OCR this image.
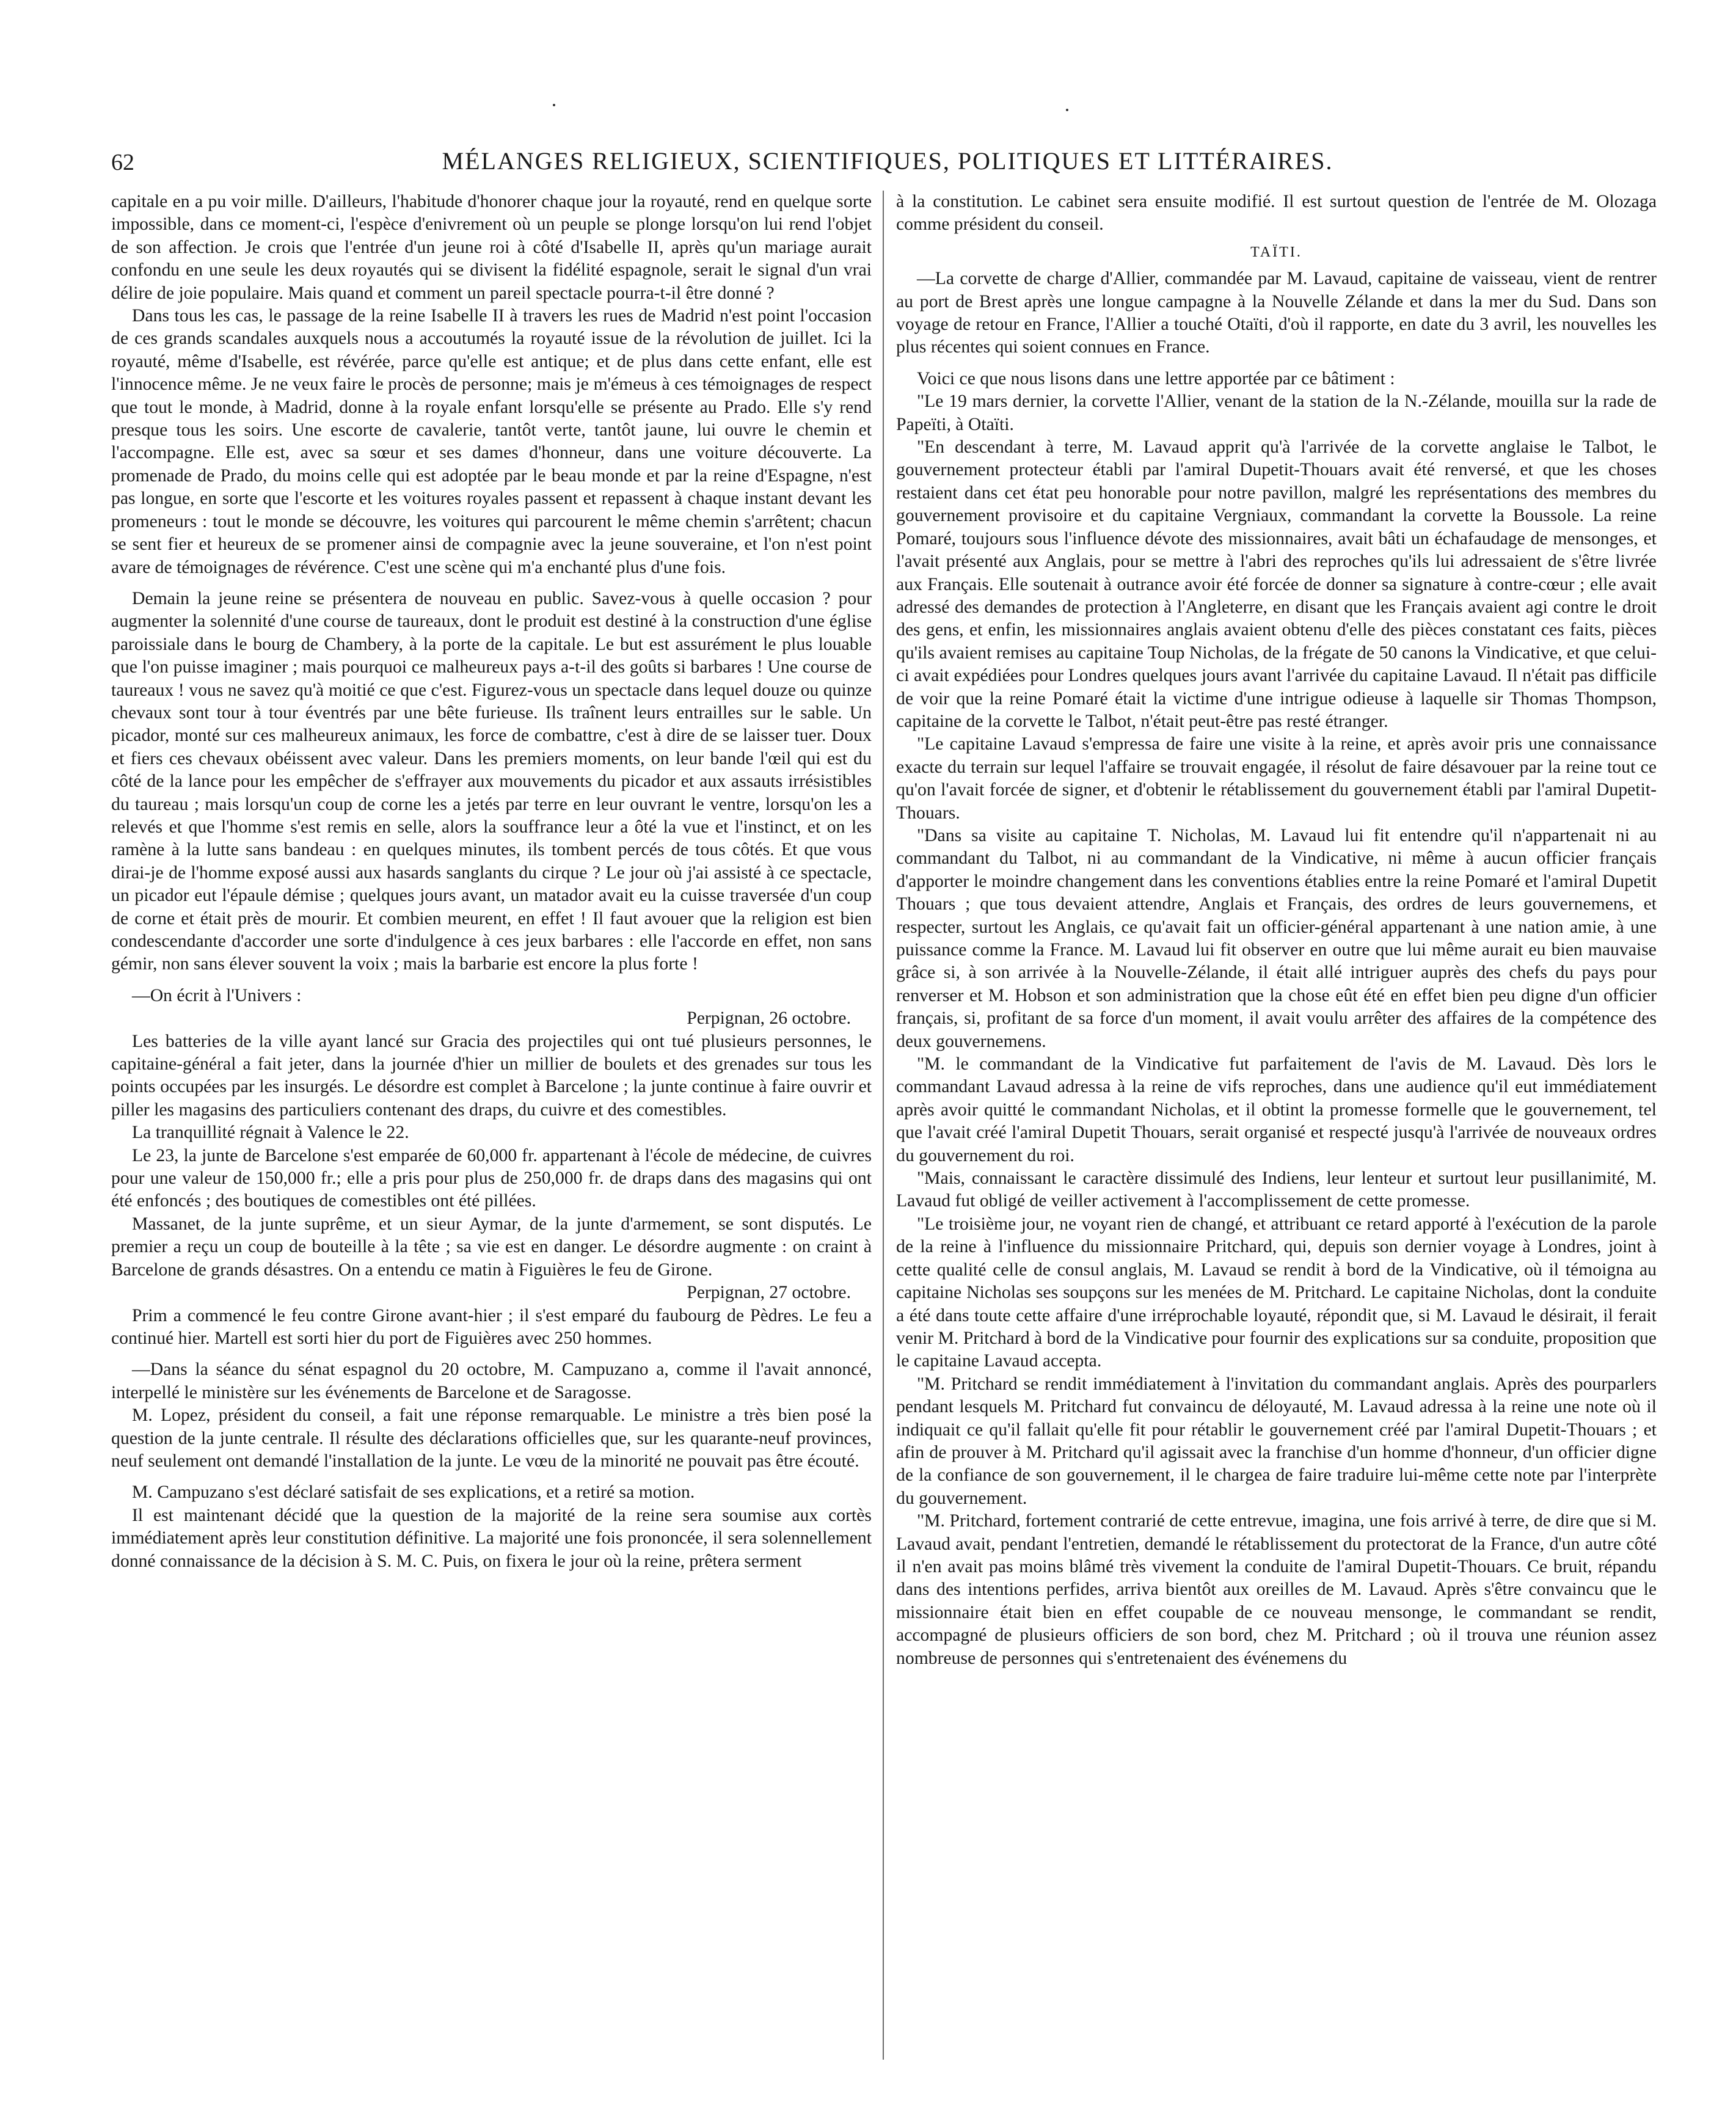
62	MÉLANGES RELIGIEUX, SCIENTIFIQUES, POLITIQUES ET LITTÉRAIRES.

capitale en a pu voir mille. D'ailleurs, l'habitude d'honorer chaque jour la royauté, rend en quelque sorte impossible, dans ce moment-ci, l'espèce d'enivrement où un peuple se plonge lorsqu'on lui rend l'objet de son affection. Je crois que l'entrée d'un jeune roi à côté d'Isabelle II, après qu'un mariage aurait confondu en une seule les deux royautés qui se divisent la fidélité espagnole, serait le signal d'un vrai délire de joie populaire. Mais quand et comment un pareil spectacle pourra-t-il être donné ?

Dans tous les cas, le passage de la reine Isabelle II à travers les rues de Madrid n'est point l'occasion de ces grands scandales auxquels nous a accoutumés la royauté issue de la révolution de juillet. Ici la royauté, même d'Isabelle, est révérée, parce qu'elle est antique; et de plus dans cette enfant, elle est l'innocence même. Je ne veux faire le procès de personne; mais je m'émeus à ces témoignages de respect que tout le monde, à Madrid, donne à la royale enfant lorsqu'elle se présente au Prado. Elle s'y rend presque tous les soirs. Une escorte de cavalerie, tantôt verte, tantôt jaune, lui ouvre le chemin et l'accompagne. Elle est, avec sa sœur et ses dames d'honneur, dans une voiture découverte. La promenade de Prado, du moins celle qui est adoptée par le beau monde et par la reine d'Espagne, n'est pas longue, en sorte que l'escorte et les voitures royales passent et repassent à chaque instant devant les promeneurs : tout le monde se découvre, les voitures qui parcourent le même chemin s'arrêtent; chacun se sent fier et heureux de se promener ainsi de compagnie avec la jeune souveraine, et l'on n'est point avare de témoignages de révérence. C'est une scène qui m'a enchanté plus d'une fois.

Demain la jeune reine se présentera de nouveau en public. Savez-vous à quelle occasion ? pour augmenter la solennité d'une course de taureaux, dont le produit est destiné à la construction d'une église paroissiale dans le bourg de Chambery, à la porte de la capitale. Le but est assurément le plus louable que l'on puisse imaginer ; mais pourquoi ce malheureux pays a-t-il des goûts si barbares ! Une course de taureaux ! vous ne savez qu'à moitié ce que c'est. Figurez-vous un spectacle dans lequel douze ou quinze chevaux sont tour à tour éventrés par une bête furieuse. Ils traînent leurs entrailles sur le sable. Un picador, monté sur ces malheureux animaux, les force de combattre, c'est à dire de se laisser tuer. Doux et fiers ces chevaux obéissent avec valeur. Dans les premiers moments, on leur bande l'œil qui est du côté de la lance pour les empêcher de s'effrayer aux mouvements du picador et aux assauts irrésistibles du taureau ; mais lorsqu'un coup de corne les a jetés par terre en leur ouvrant le ventre, lorsqu'on les a relevés et que l'homme s'est remis en selle, alors la souffrance leur a ôté la vue et l'instinct, et on les ramène à la lutte sans bandeau : en quelques minutes, ils tombent percés de tous côtés. Et que vous dirai-je de l'homme exposé aussi aux hasards sanglants du cirque ? Le jour où j'ai assisté à ce spectacle, un picador eut l'épaule démise ; quelques jours avant, un matador avait eu la cuisse traversée d'un coup de corne et était près de mourir. Et combien meurent, en effet ! Il faut avouer que la religion est bien condescendante d'accorder une sorte d'indulgence à ces jeux barbares : elle l'accorde en effet, non sans gémir, non sans élever souvent la voix ; mais la barbarie est encore la plus forte !

—On écrit à l'Univers :

Perpignan, 26 octobre.

Les batteries de la ville ayant lancé sur Gracia des projectiles qui ont tué plusieurs personnes, le capitaine-général a fait jeter, dans la journée d'hier un millier de boulets et des grenades sur tous les points occupées par les insurgés. Le désordre est complet à Barcelone ; la junte continue à faire ouvrir et piller les magasins des particuliers contenant des draps, du cuivre et des comestibles.

La tranquillité régnait à Valence le 22.

Le 23, la junte de Barcelone s'est emparée de 60,000 fr. appartenant à l'école de médecine, de cuivres pour une valeur de 150,000 fr.; elle a pris pour plus de 250,000 fr. de draps dans des magasins qui ont été enfoncés ; des boutiques de comestibles ont été pillées.

Massanet, de la junte suprême, et un sieur Aymar, de la junte d'armement, se sont disputés. Le premier a reçu un coup de bouteille à la tête ; sa vie est en danger. Le désordre augmente : on craint à Barcelone de grands désastres. On a entendu ce matin à Figuières le feu de Girone.

Perpignan, 27 octobre.

Prim a commencé le feu contre Girone avant-hier ; il s'est emparé du faubourg de Pèdres. Le feu a continué hier. Martell est sorti hier du port de Figuières avec 250 hommes.

—Dans la séance du sénat espagnol du 20 octobre, M. Campuzano a, comme il l'avait annoncé, interpellé le ministère sur les événements de Barcelone et de Saragosse.

M. Lopez, président du conseil, a fait une réponse remarquable. Le ministre a très bien posé la question de la junte centrale. Il résulte des déclarations officielles que, sur les quarante-neuf provinces, neuf seulement ont demandé l'installation de la junte. Le vœu de la minorité ne pouvait pas être écouté.

M. Campuzano s'est déclaré satisfait de ses explications, et a retiré sa motion.

Il est maintenant décidé que la question de la majorité de la reine sera soumise aux cortès immédiatement après leur constitution définitive. La majorité une fois prononcée, il sera solennellement donné connaissance de la décision à S. M. C. Puis, on fixera le jour où la reine, prêtera serment

à la constitution. Le cabinet sera ensuite modifié. Il est surtout question de l'entrée de M. Olozaga comme président du conseil.

TAÏTI.

—La corvette de charge d'Allier, commandée par M. Lavaud, capitaine de vaisseau, vient de rentrer au port de Brest après une longue campagne à la Nouvelle Zélande et dans la mer du Sud. Dans son voyage de retour en France, l'Allier a touché Otaïti, d'où il rapporte, en date du 3 avril, les nouvelles les plus récentes qui soient connues en France.

Voici ce que nous lisons dans une lettre apportée par ce bâtiment :

"Le 19 mars dernier, la corvette l'Allier, venant de la station de la N.-Zélande, mouilla sur la rade de Papeïti, à Otaïti.

"En descendant à terre, M. Lavaud apprit qu'à l'arrivée de la corvette anglaise le Talbot, le gouvernement protecteur établi par l'amiral Dupetit-Thouars avait été renversé, et que les choses restaient dans cet état peu honorable pour notre pavillon, malgré les représentations des membres du gouvernement provisoire et du capitaine Vergniaux, commandant la corvette la Boussole. La reine Pomaré, toujours sous l'influence dévote des missionnaires, avait bâti un échafaudage de mensonges, et l'avait présenté aux Anglais, pour se mettre à l'abri des reproches qu'ils lui adressaient de s'être livrée aux Français. Elle soutenait à outrance avoir été forcée de donner sa signature à contre-cœur ; elle avait adressé des demandes de protection à l'Angleterre, en disant que les Français avaient agi contre le droit des gens, et enfin, les missionnaires anglais avaient obtenu d'elle des pièces constatant ces faits, pièces qu'ils avaient remises au capitaine Toup Nicholas, de la frégate de 50 canons la Vindicative, et que celui-ci avait expédiées pour Londres quelques jours avant l'arrivée du capitaine Lavaud. Il n'était pas difficile de voir que la reine Pomaré était la victime d'une intrigue odieuse à laquelle sir Thomas Thompson, capitaine de la corvette le Talbot, n'était peut-être pas resté étranger.

"Le capitaine Lavaud s'empressa de faire une visite à la reine, et après avoir pris une connaissance exacte du terrain sur lequel l'affaire se trouvait engagée, il résolut de faire désavouer par la reine tout ce qu'on l'avait forcée de signer, et d'obtenir le rétablissement du gouvernement établi par l'amiral Dupetit-Thouars.

"Dans sa visite au capitaine T. Nicholas, M. Lavaud lui fit entendre qu'il n'appartenait ni au commandant du Talbot, ni au commandant de la Vindicative, ni même à aucun officier français d'apporter le moindre changement dans les conventions établies entre la reine Pomaré et l'amiral Dupetit Thouars ; que tous devaient attendre, Anglais et Français, des ordres de leurs gouvernemens, et respecter, surtout les Anglais, ce qu'avait fait un officier-général appartenant à une nation amie, à une puissance comme la France. M. Lavaud lui fit observer en outre que lui même aurait eu bien mauvaise grâce si, à son arrivée à la Nouvelle-Zélande, il était allé intriguer auprès des chefs du pays pour renverser et M. Hobson et son administration que la chose eût été en effet bien peu digne d'un officier français, si, profitant de sa force d'un moment, il avait voulu arrêter des affaires de la compétence des deux gouvernemens.

"M. le commandant de la Vindicative fut parfaitement de l'avis de M. Lavaud. Dès lors le commandant Lavaud adressa à la reine de vifs reproches, dans une audience qu'il eut immédiatement après avoir quitté le commandant Nicholas, et il obtint la promesse formelle que le gouvernement, tel que l'avait créé l'amiral Dupetit Thouars, serait organisé et respecté jusqu'à l'arrivée de nouveaux ordres du gouvernement du roi.

"Mais, connaissant le caractère dissimulé des Indiens, leur lenteur et surtout leur pusillanimité, M. Lavaud fut obligé de veiller activement à l'accomplissement de cette promesse.

"Le troisième jour, ne voyant rien de changé, et attribuant ce retard apporté à l'exécution de la parole de la reine à l'influence du missionnaire Pritchard, qui, depuis son dernier voyage à Londres, joint à cette qualité celle de consul anglais, M. Lavaud se rendit à bord de la Vindicative, où il témoigna au capitaine Nicholas ses soupçons sur les menées de M. Pritchard. Le capitaine Nicholas, dont la conduite a été dans toute cette affaire d'une irréprochable loyauté, répondit que, si M. Lavaud le désirait, il ferait venir M. Pritchard à bord de la Vindicative pour fournir des explications sur sa conduite, proposition que le capitaine Lavaud accepta.

"M. Pritchard se rendit immédiatement à l'invitation du commandant anglais. Après des pourparlers pendant lesquels M. Pritchard fut convaincu de déloyauté, M. Lavaud adressa à la reine une note où il indiquait ce qu'il fallait qu'elle fit pour rétablir le gouvernement créé par l'amiral Dupetit-Thouars ; et afin de prouver à M. Pritchard qu'il agissait avec la franchise d'un homme d'honneur, d'un officier digne de la confiance de son gouvernement, il le chargea de faire traduire lui-même cette note par l'interprète du gouvernement.

"M. Pritchard, fortement contrarié de cette entrevue, imagina, une fois arrivé à terre, de dire que si M. Lavaud avait, pendant l'entretien, demandé le rétablissement du protectorat de la France, d'un autre côté il n'en avait pas moins blâmé très vivement la conduite de l'amiral Dupetit-Thouars. Ce bruit, répandu dans des intentions perfides, arriva bientôt aux oreilles de M. Lavaud. Après s'être convaincu que le missionnaire était bien en effet coupable de ce nouveau mensonge, le commandant se rendit, accompagné de plusieurs officiers de son bord, chez M. Pritchard ; où il trouva une réunion assez nombreuse de personnes qui s'entretenaient des événemens du
